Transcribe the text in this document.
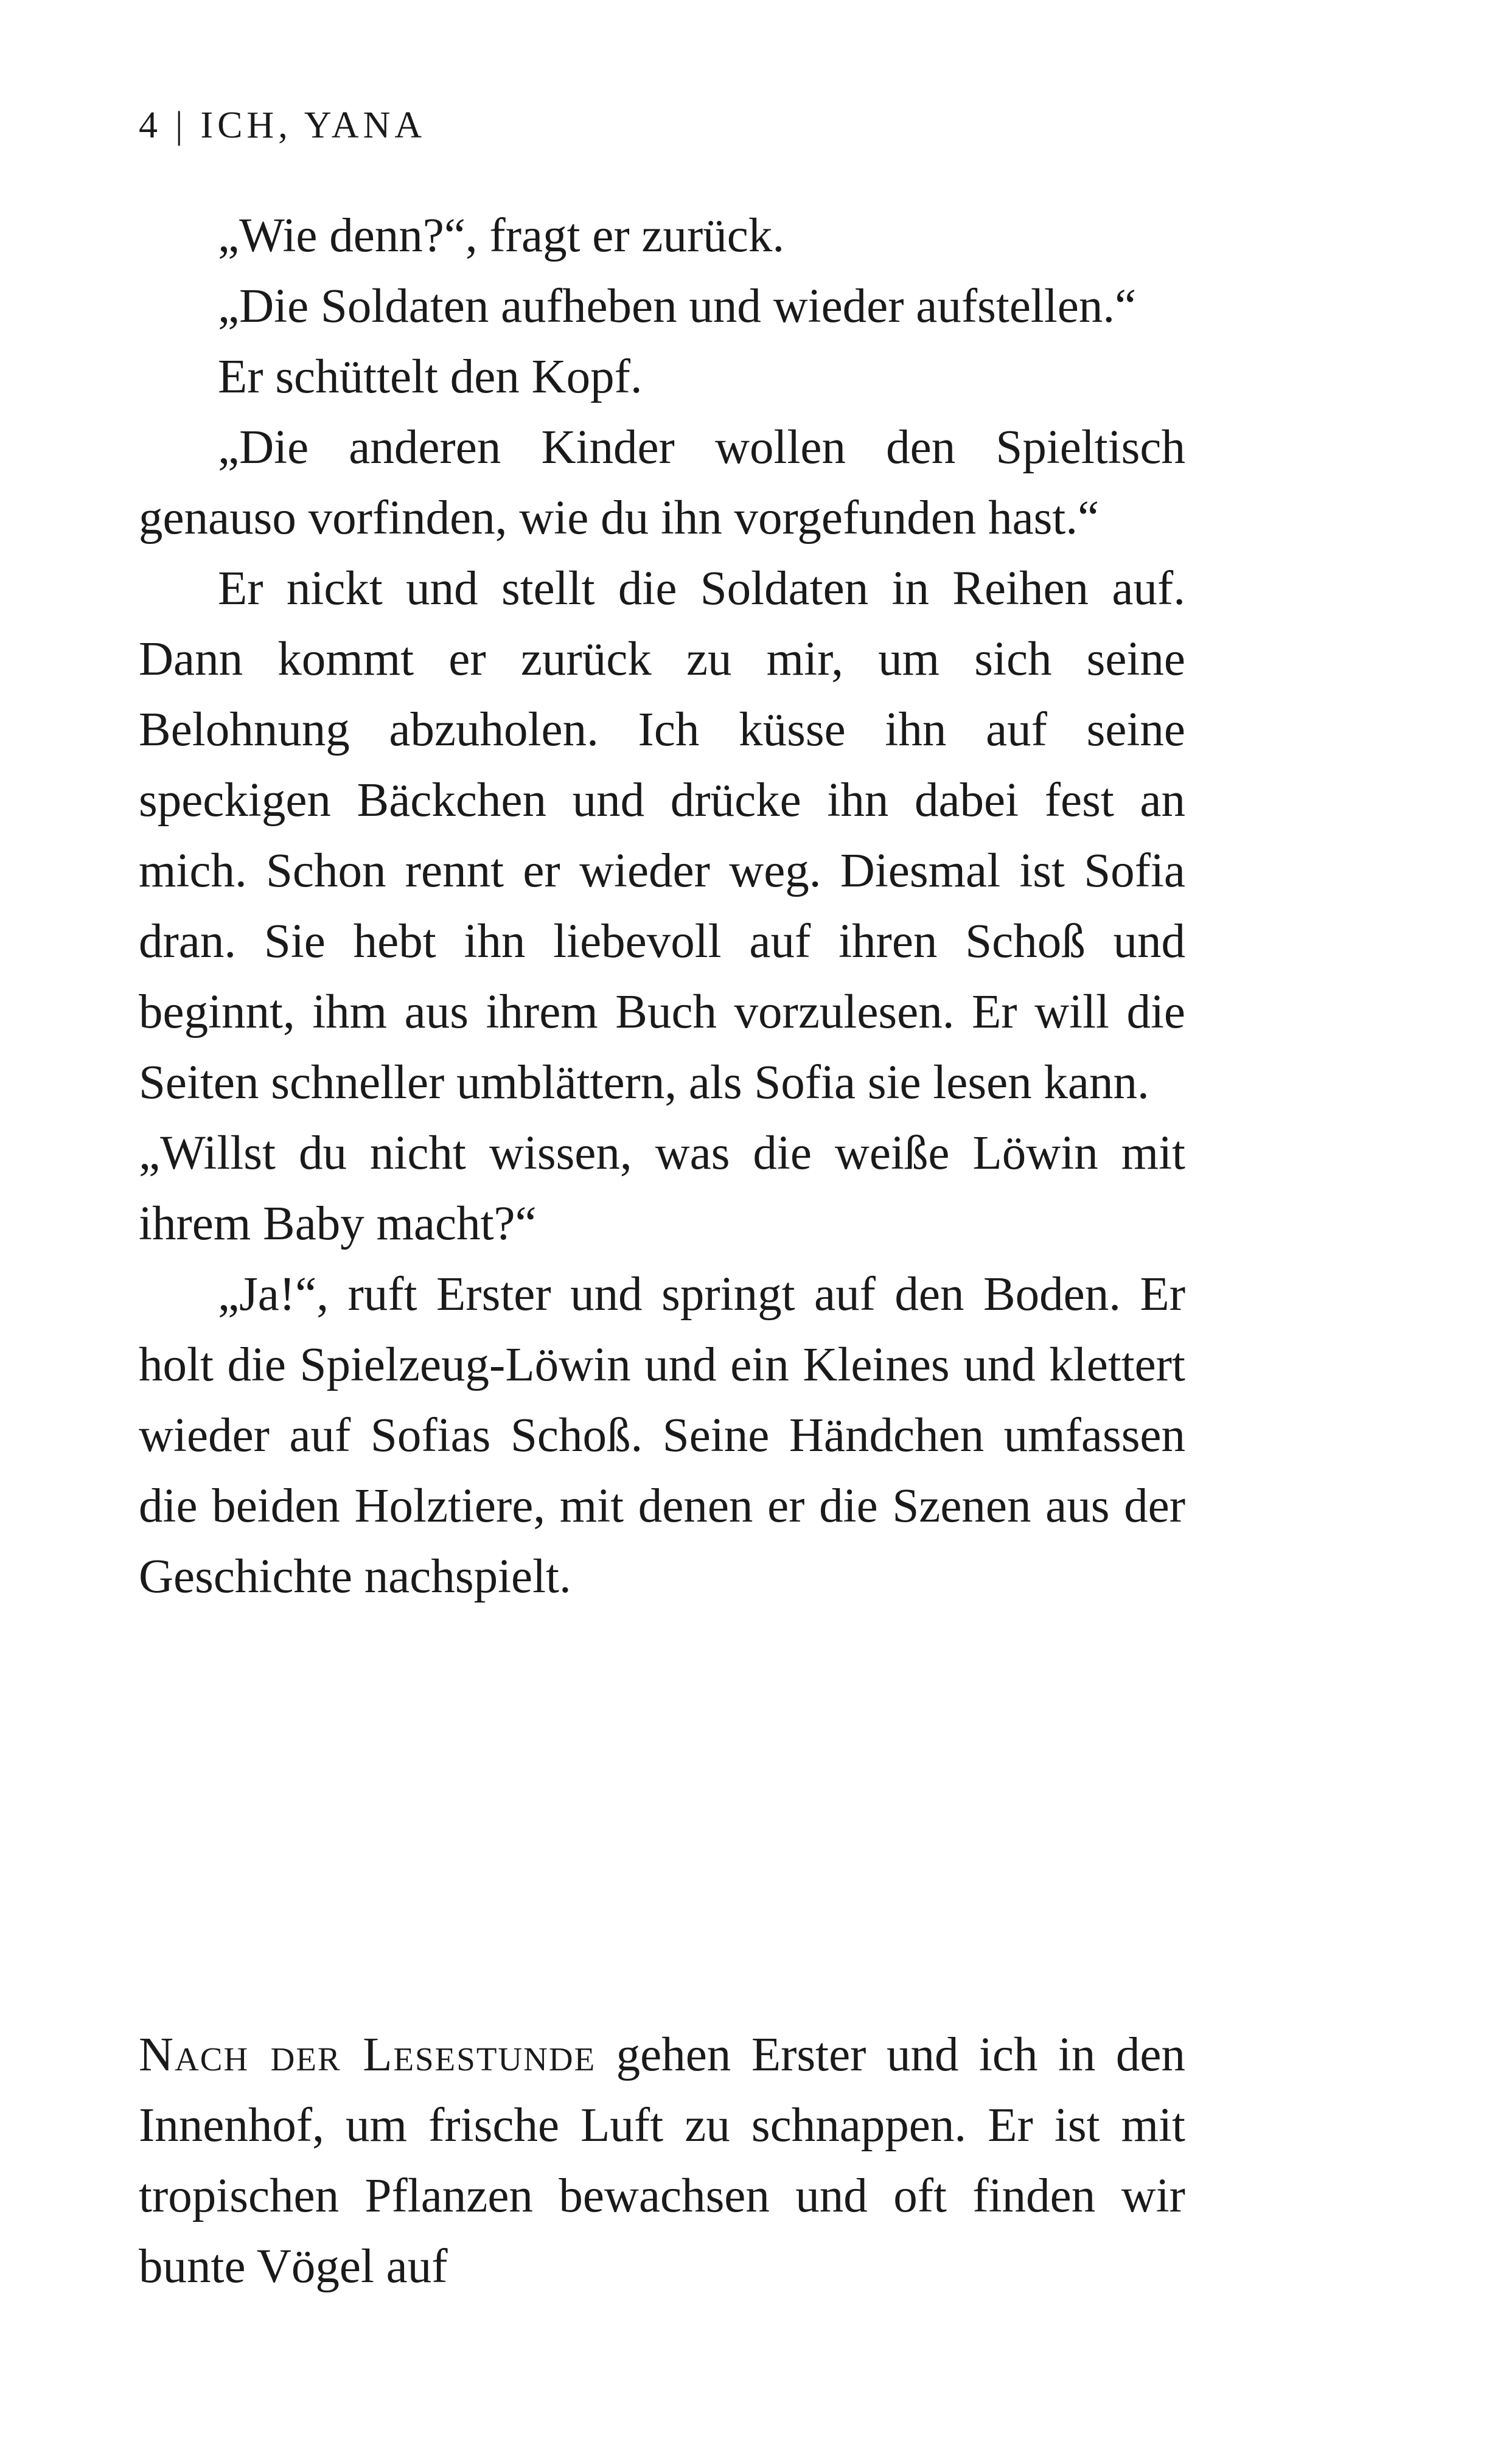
4 | ICH, YANA

„Wie denn?“, fragt er zurück.

„Die Soldaten aufheben und wieder aufstellen.“

Er schüttelt den Kopf.

„Die anderen Kinder wollen den Spieltisch genauso vorfinden, wie du ihn vorgefunden hast.“

Er nickt und stellt die Soldaten in Reihen auf. Dann kommt er zurück zu mir, um sich seine Belohnung abzuholen. Ich küsse ihn auf seine speckigen Bäckchen und drücke ihn dabei fest an mich. Schon rennt er wieder weg. Diesmal ist Sofia dran. Sie hebt ihn liebevoll auf ihren Schoß und beginnt, ihm aus ihrem Buch vorzulesen. Er will die Seiten schneller umblättern, als Sofia sie lesen kann.

„Willst du nicht wissen, was die weiße Löwin mit ihrem Baby macht?“

„Ja!“, ruft Erster und springt auf den Boden. Er holt die Spielzeug-Löwin und ein Kleines und klettert wieder auf Sofias Schoß. Seine Händchen umfassen die beiden Holztiere, mit denen er die Szenen aus der Geschichte nachspielt.

Nach der Lesestunde gehen Erster und ich in den Innenhof, um frische Luft zu schnappen. Er ist mit tropischen Pflanzen bewachsen und oft finden wir bunte Vögel auf
